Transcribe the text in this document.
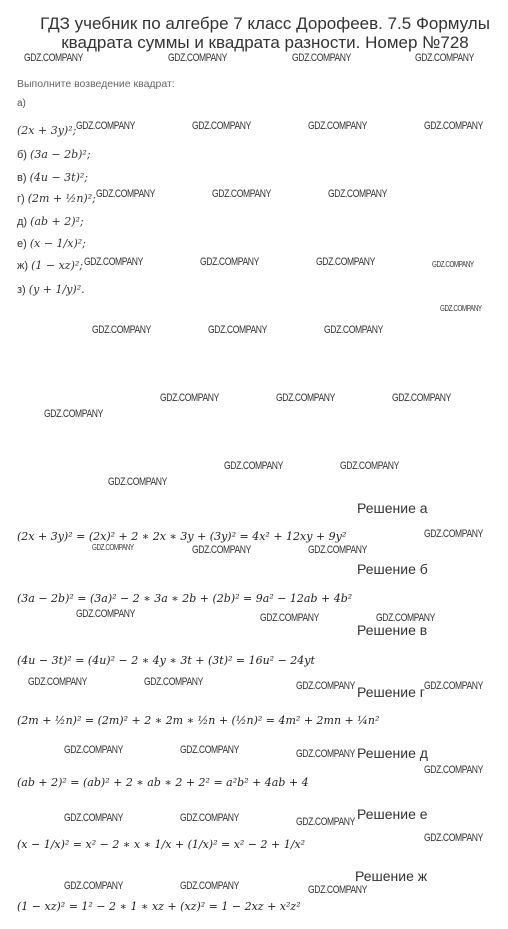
ГДЗ учебник по алгебре 7 класс Дорофеев. 7.5 Формулы квадрата суммы и квадрата разности. Номер №728
Выполните возведение квадрат:
а)
(2x + 3y)²;
б) (3a − 2b)²;
в) (4u − 3t)²;
г) (2m + ½n)²;
д) (ab + 2)²;
е) (x − 1/x)²;
ж) (1 − xz)²;
з) (y + 1/y)².
Решение а
(2x + 3y)² = (2x)² + 2 ∗ 2x ∗ 3y + (3y)² = 4x² + 12xy + 9y²
Решение б
(3a − 2b)² = (3a)² − 2 ∗ 3a ∗ 2b + (2b)² = 9a² − 12ab + 4b²
Решение в
(4u − 3t)² = (4u)² − 2 ∗ 4y ∗ 3t + (3t)² = 16u² − 24yt
Решение г
(2m + ½n)² = (2m)² + 2 ∗ 2m ∗ ½n + (½n)² = 4m² + 2mn + ¼n²
Решение д
(ab + 2)² = (ab)² + 2 ∗ ab ∗ 2 + 2² = a²b² + 4ab + 4
Решение е
(x − 1/x)² = x² − 2 ∗ x ∗ 1/x + (1/x)² = x² − 2 + 1/x²
Решение ж
(1 − xz)² = 1² − 2 ∗ 1 ∗ xz + (xz)² = 1 − 2xz + x²z²
GDZ.COMPANY	GDZ.COMPANY	GDZ.COMPANY	GDZ.COMPANY
GDZ.COMPANY	GDZ.COMPANY	GDZ.COMPANY	GDZ.COMPANY
GDZ.COMPANY	GDZ.COMPANY	GDZ.COMPANY
GDZ.COMPANY	GDZ.COMPANY	GDZ.COMPANY	GDZ.COMPANY
GDZ.COMPANY
GDZ.COMPANY	GDZ.COMPANY	GDZ.COMPANY
GDZ.COMPANY	GDZ.COMPANY	GDZ.COMPANY
GDZ.COMPANY
GDZ.COMPANY	GDZ.COMPANY
GDZ.COMPANY
GDZ.COMPANY
GDZ.COMPANY	GDZ.COMPANY	GDZ.COMPANY
GDZ.COMPANY	GDZ.COMPANY	GDZ.COMPANY
GDZ.COMPANY	GDZ.COMPANY	GDZ.COMPANY	GDZ.COMPANY
GDZ.COMPANY	GDZ.COMPANY	GDZ.COMPANY
GDZ.COMPANY
GDZ.COMPANY	GDZ.COMPANY	GDZ.COMPANY
GDZ.COMPANY
GDZ.COMPANY	GDZ.COMPANY	GDZ.COMPANY
